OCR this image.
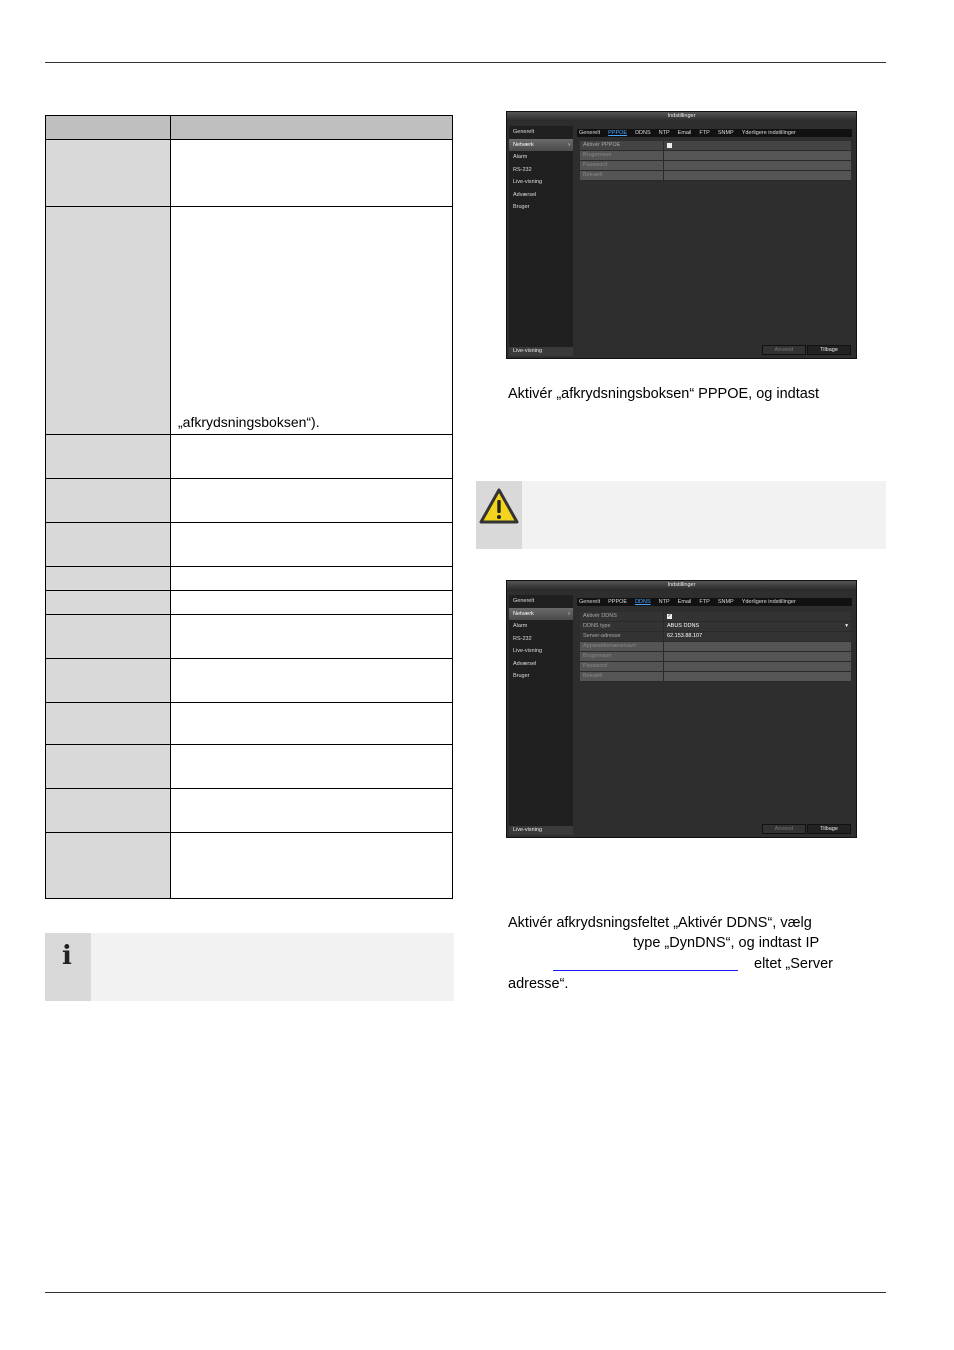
	„afkrydsningsboksen“).

i
Indstillinger
Generelt
Netværk	›
Alarm
RS-232
Live-visning
Adværsel
Bruger
Live-visning
Generelt PPPOE DDNS NTP Email FTP SNMP Yderligere indstillinger
Aktivér PPPOE
Brugernavn
Password
Bekræft
Anvend	Tilbage
Aktivér „afkrydsningsboksen“ PPPOE, og indtast
Indstillinger
Generelt
Netværk	›
Alarm
RS-232
Live-visning
Adværsel
Bruger
Live-visning
Generelt PPPOE DDNS NTP Email FTP SNMP Yderligere indstillinger
Aktivér DDNS	✓
DDNS type	ABUS DDNS	▾
Server-adresse	62.153.88.107
Apparatdomænenavn
Brugernavn
Password
Bekræft
Anvend	Tilbage
Aktivér afkrydsningsfeltet „Aktivér DDNS“, vælg
type „DynDNS“, og indtast IP
eltet „Server
adresse“.
